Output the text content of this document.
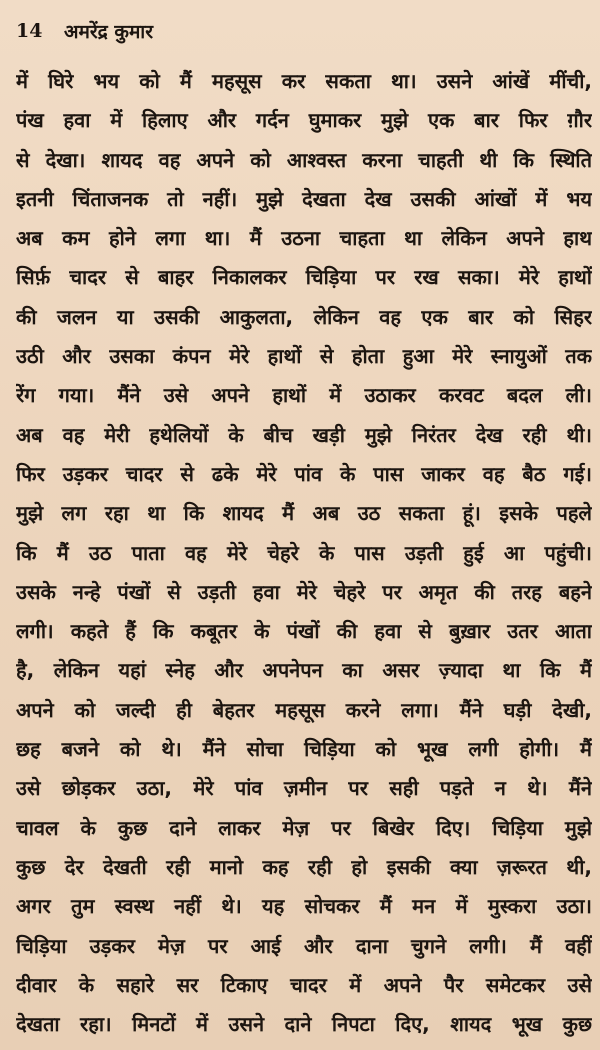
14	अमरेंद्र कुमार
में घिरे भय को मैं महसूस कर सकता था। उसने आंखें मींची,
पंख हवा में हिलाए और गर्दन घुमाकर मुझे एक बार फिर ग़ौर
से देखा। शायद वह अपने को आश्वस्त करना चाहती थी कि स्थिति
इतनी चिंताजनक तो नहीं। मुझे देखता देख उसकी आंखों में भय
अब कम होने लगा था। मैं उठना चाहता था लेकिन अपने हाथ
सिर्फ़ चादर से बाहर निकालकर चिड़िया पर रख सका। मेरे हाथों
की जलन या उसकी आकुलता, लेकिन वह एक बार को सिहर
उठी और उसका कंपन मेरे हाथों से होता हुआ मेरे स्नायुओं तक
रेंग गया। मैंने उसे अपने हाथों में उठाकर करवट बदल ली।
अब वह मेरी हथेलियों के बीच खड़ी मुझे निरंतर देख रही थी।
फिर उड़कर चादर से ढके मेरे पांव के पास जाकर वह बैठ गई।
मुझे लग रहा था कि शायद मैं अब उठ सकता हूं। इसके पहले
कि मैं उठ पाता वह मेरे चेहरे के पास उड़ती हुई आ पहुंची।
उसके नन्हे पंखों से उड़ती हवा मेरे चेहरे पर अमृत की तरह बहने
लगी। कहते हैं कि कबूतर के पंखों की हवा से बुख़ार उतर आता
है, लेकिन यहां स्नेह और अपनेपन का असर ज़्यादा था कि मैं
अपने को जल्दी ही बेहतर महसूस करने लगा। मैंने घड़ी देखी,
छह बजने को थे। मैंने सोचा चिड़िया को भूख लगी होगी। मैं
उसे छोड़कर उठा, मेरे पांव ज़मीन पर सही पड़ते न थे। मैंने
चावल के कुछ दाने लाकर मेज़ पर बिखेर दिए। चिड़िया मुझे
कुछ देर देखती रही मानो कह रही हो इसकी क्या ज़रूरत थी,
अगर तुम स्वस्थ नहीं थे। यह सोचकर मैं मन में मुस्करा उठा।
चिड़िया उड़कर मेज़ पर आई और दाना चुगने लगी। मैं वहीं
दीवार के सहारे सर टिकाए चादर में अपने पैर समेटकर उसे
देखता रहा। मिनटों में उसने दाने निपटा दिए, शायद भूख कुछ
